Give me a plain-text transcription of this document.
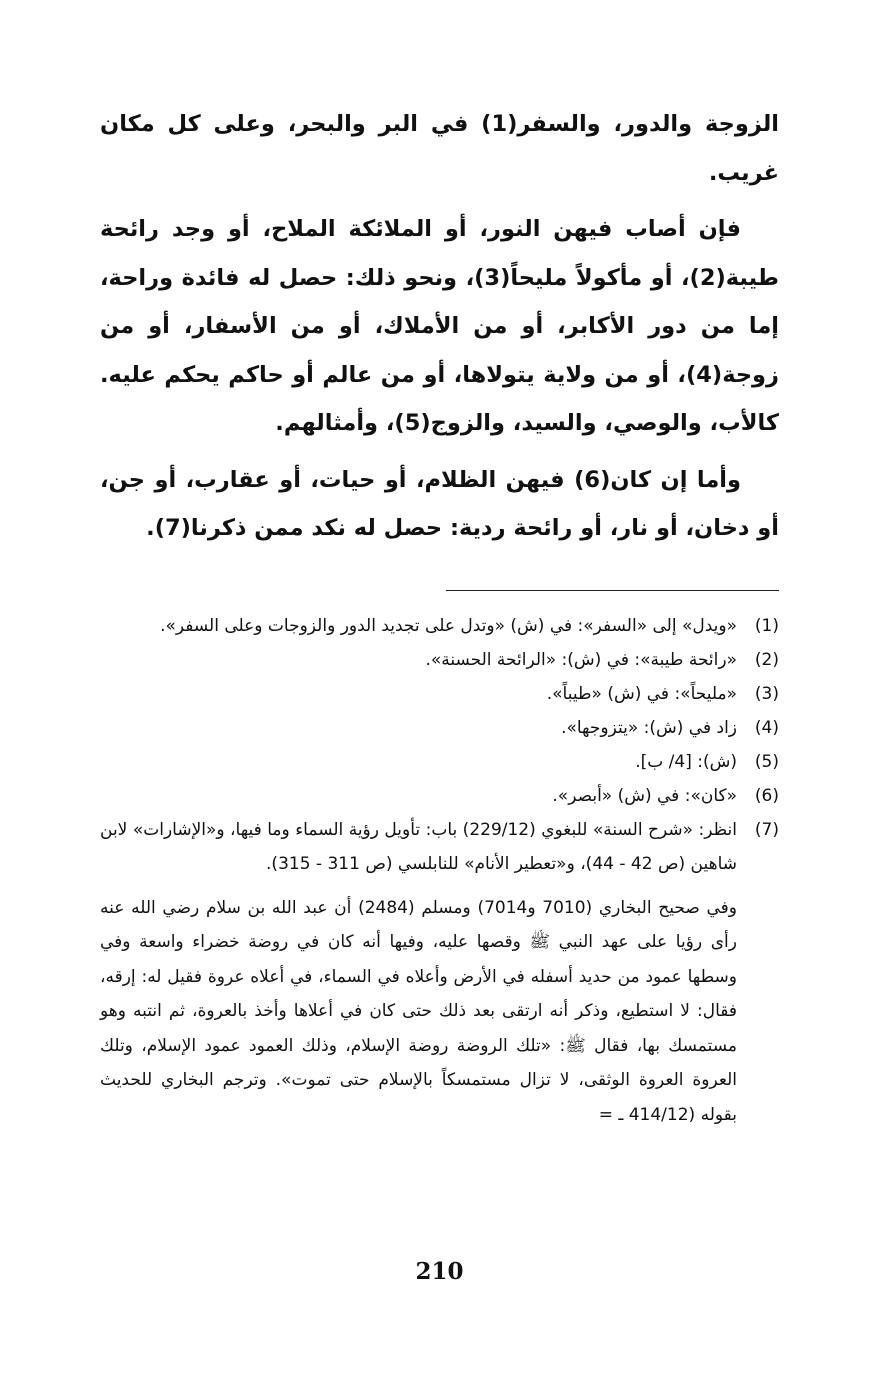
الزوجة والدور، والسفر(1) في البر والبحر، وعلى كل مكان غريب.

فإن أصاب فيهن النور، أو الملائكة الملاح، أو وجد رائحة طيبة(2)، أو مأكولاً مليحاً(3)، ونحو ذلك: حصل له فائدة وراحة، إما من دور الأكابر، أو من الأملاك، أو من الأسفار، أو من زوجة(4)، أو من ولاية يتولاها، أو من عالم أو حاكم يحكم عليه. كالأب، والوصي، والسيد، والزوج(5)، وأمثالهم.

وأما إن كان(6) فيهن الظلام، أو حيات، أو عقارب، أو جن، أو دخان، أو نار، أو رائحة ردية: حصل له نكد ممن ذكرنا(7).

(1)
«ويدل» إلى «السفر»: في (ش) «وتدل على تجديد الدور والزوجات وعلى السفر».
(2)
«رائحة طيبة»: في (ش): «الرائحة الحسنة».
(3)
«مليحاً»: في (ش) «طيباً».
(4)
زاد في (ش): «يتزوجها».
(5)
(ش): [4/ ب].
(6)
«كان»: في (ش) «أبصر».
(7)
انظر: «شرح السنة» للبغوي (229/12) باب: تأويل رؤية السماء وما فيها، و«الإشارات» لابن شاهين (ص 42 - 44)، و«تعطير الأنام» للنابلسي (ص 311 - 315).
وفي صحيح البخاري (7010 و7014) ومسلم (2484) أن عبد الله بن سلام رضي الله عنه رأى رؤيا على عهد النبي ﷺ وقصها عليه، وفيها أنه كان في روضة خضراء واسعة وفي وسطها عمود من حديد أسفله في الأرض وأعلاه في السماء، في أعلاه عروة فقيل له: إرقه، فقال: لا استطيع، وذكر أنه ارتقى بعد ذلك حتى كان في أعلاها وأخذ بالعروة، ثم انتبه وهو مستمسك بها، فقال ﷺ: «تلك الروضة روضة الإسلام، وذلك العمود عمود الإسلام، وتلك العروة العروة الوثقى، لا تزال مستمسكاً بالإسلام حتى تموت». وترجم البخاري للحديث بقوله (414/12 ـ =
210
